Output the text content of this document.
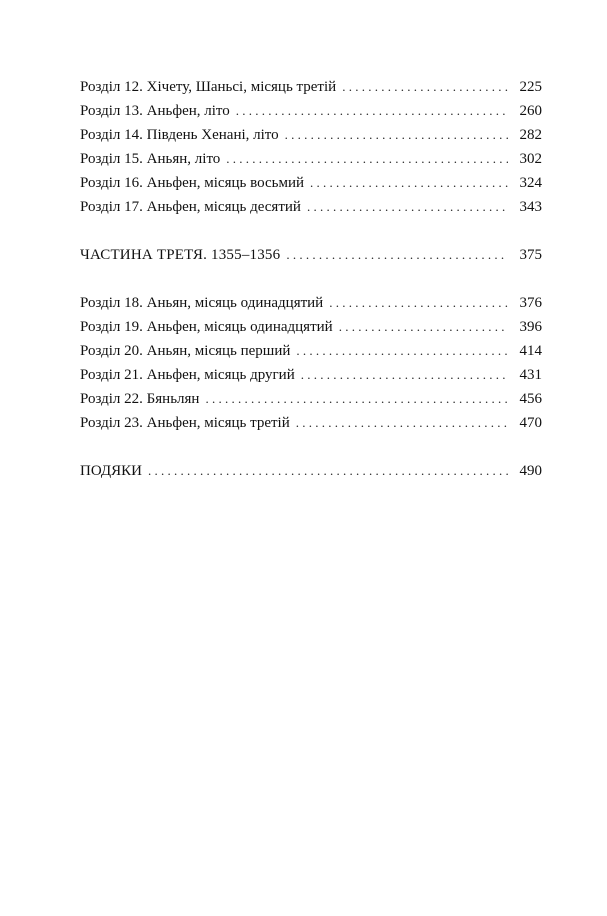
Розділ 12. Хічету, Шаньсі, місяць третій . . .	225
Розділ 13. Аньфен, літо . . .	260
Розділ 14. Південь Хенані, літо . . .	282
Розділ 15. Аньян, літо . . .	302
Розділ 16. Аньфен, місяць восьмий . . .	324
Розділ 17. Аньфен, місяць десятий . . .	343
ЧАСТИНА ТРЕТЯ. 1355–1356 . . .	375
Розділ 18. Аньян, місяць одинадцятий . . .	376
Розділ 19. Аньфен, місяць одинадцятий . . .	396
Розділ 20. Аньян, місяць перший . . .	414
Розділ 21. Аньфен, місяць другий . . .	431
Розділ 22. Бяньлян . . .	456
Розділ 23. Аньфен, місяць третій . . .	470
ПОДЯКИ . . .	490
